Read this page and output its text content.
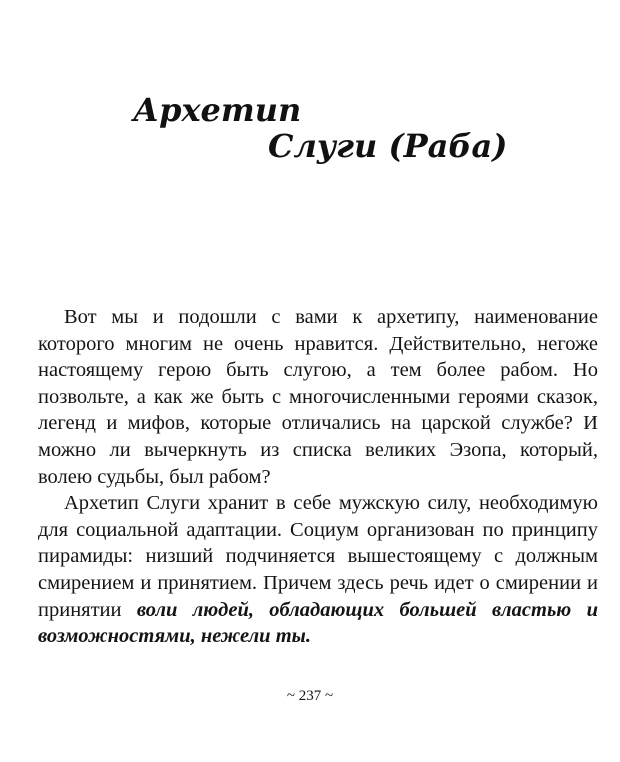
Архетип
Слуги (Раба)

Вот мы и подошли с вами к архетипу, наименование которого многим не очень нравится. Действительно, негоже настоящему герою быть слугою, а тем более рабом. Но позвольте, а как же быть с многочисленными героями сказок, легенд и мифов, которые отличались на царской службе? И можно ли вычеркнуть из списка великих Эзопа, который, волею судьбы, был рабом?

Архетип Слуги хранит в себе мужскую силу, необходимую для социальной адаптации. Социум организован по принципу пирамиды: низший подчиняется вышестоящему с должным смирением и принятием. Причем здесь речь идет о смирении и принятии воли людей, обладающих большей властью и возможностями, нежели ты.

~ 237 ~
